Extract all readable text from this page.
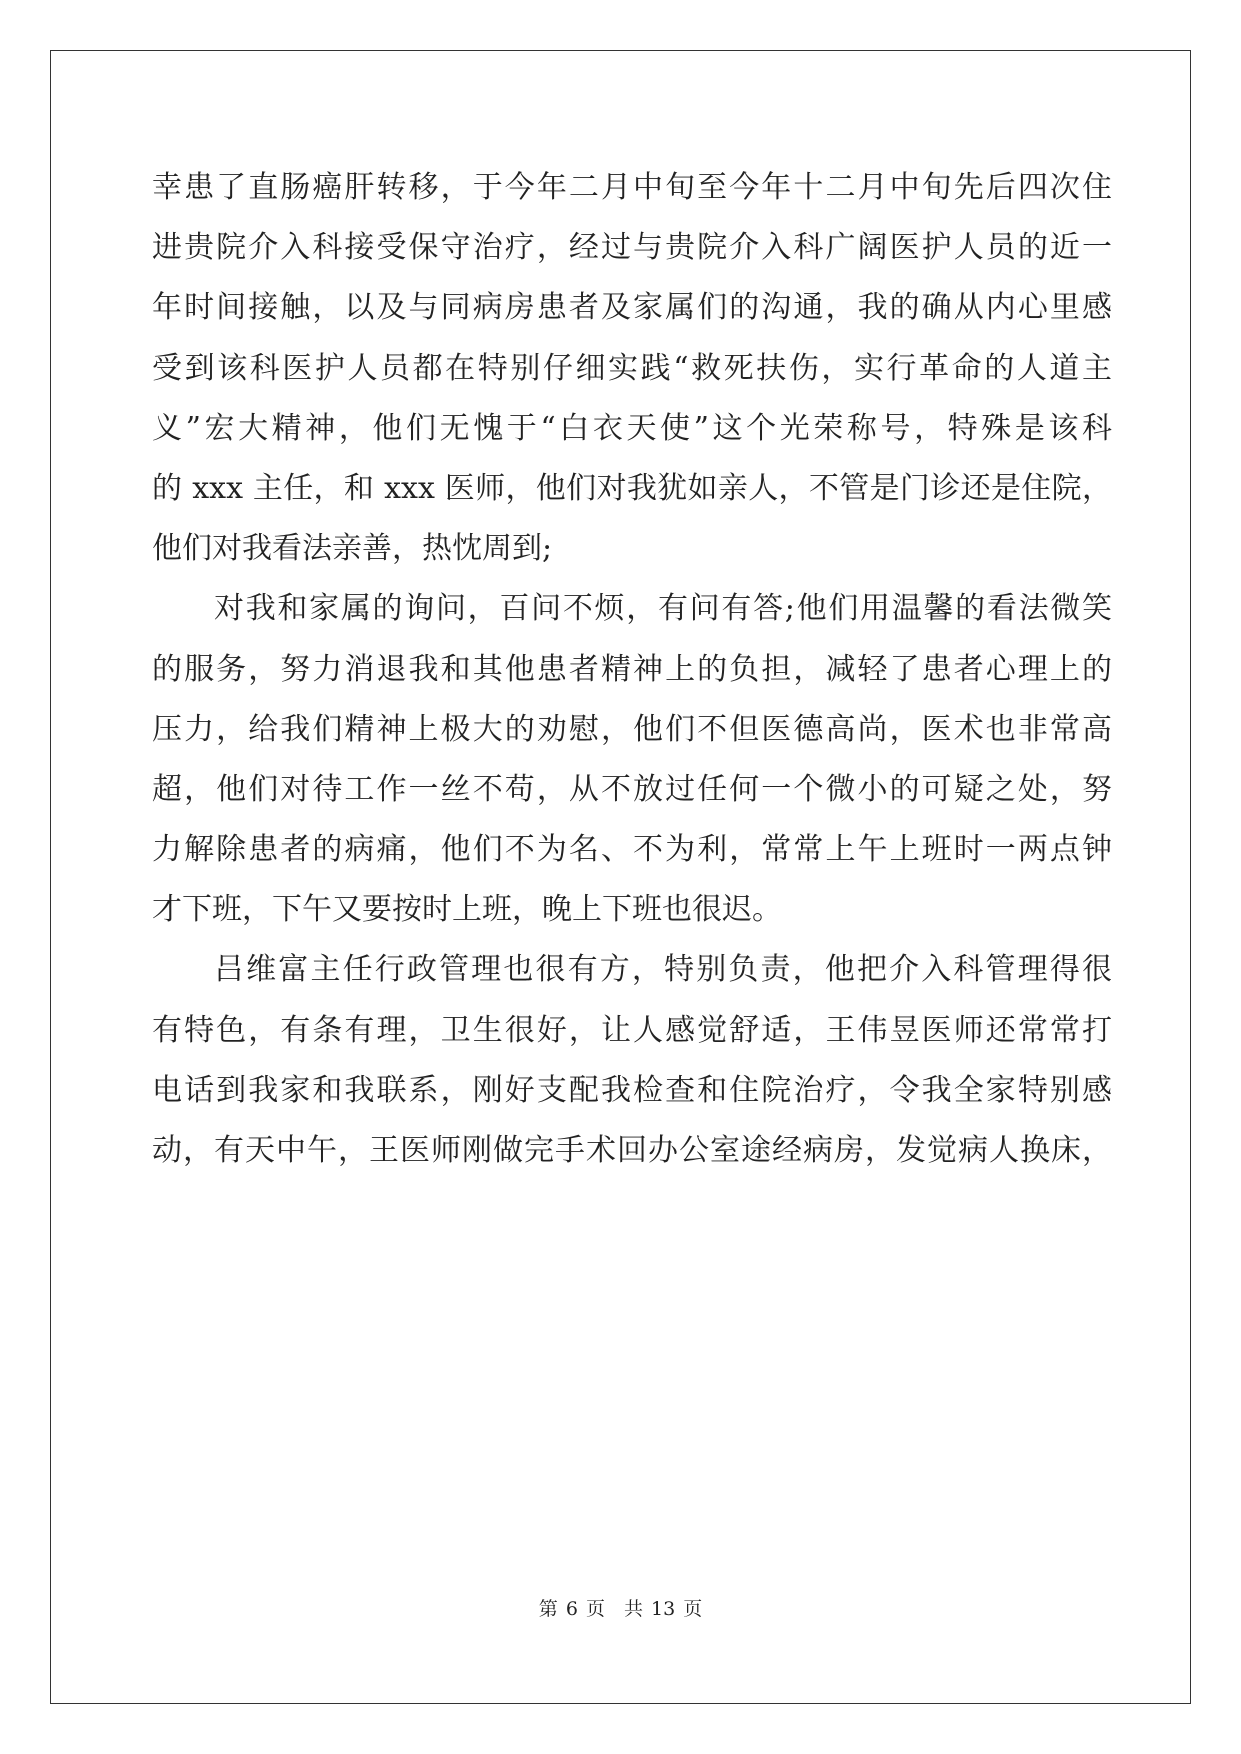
幸患了直肠癌肝转移，于今年二月中旬至今年十二月中旬先后四次住
进贵院介入科接受保守治疗，经过与贵院介入科广阔医护人员的近一
年时间接触，以及与同病房患者及家属们的沟通，我的确从内心里感
受到该科医护人员都在特别仔细实践“救死扶伤，实行革命的人道主
义”宏大精神，他们无愧于“白衣天使”这个光荣称号，特殊是该科
的 xxx 主任，和 xxx 医师，他们对我犹如亲人，不管是门诊还是住院，
他们对我看法亲善，热忱周到;
对我和家属的询问，百问不烦，有问有答;他们用温馨的看法微笑
的服务，努力消退我和其他患者精神上的负担，减轻了患者心理上的
压力，给我们精神上极大的劝慰，他们不但医德高尚，医术也非常高
超，他们对待工作一丝不苟，从不放过任何一个微小的可疑之处，努
力解除患者的病痛，他们不为名、不为利，常常上午上班时一两点钟
才下班，下午又要按时上班，晚上下班也很迟。
吕维富主任行政管理也很有方，特别负责，他把介入科管理得很
有特色，有条有理，卫生很好，让人感觉舒适，王伟昱医师还常常打
电话到我家和我联系，刚好支配我检查和住院治疗，令我全家特别感
动，有天中午，王医师刚做完手术回办公室途经病房，发觉病人换床，
第 6 页　共 13 页
